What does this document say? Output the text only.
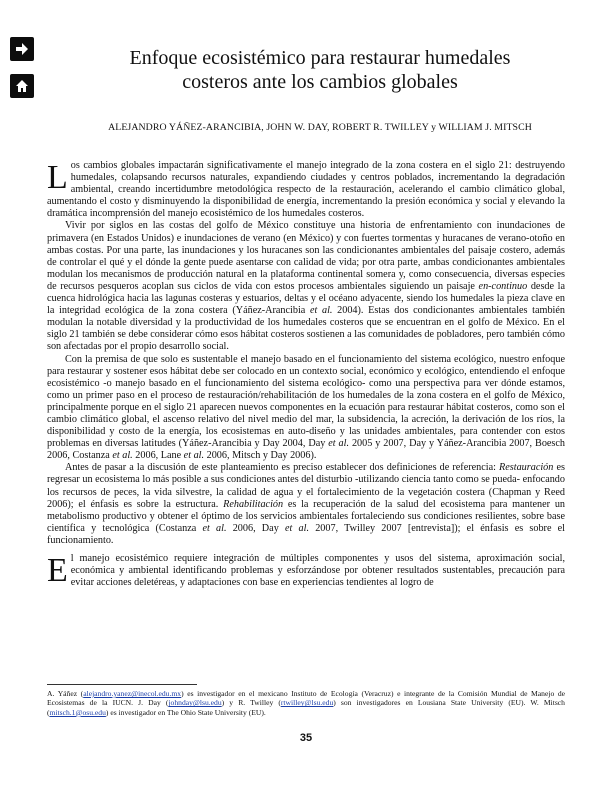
Enfoque ecosistémico para restaurar humedales
costeros ante los cambios globales

ALEJANDRO YÁÑEZ-ARANCIBIA, JOHN W. DAY, ROBERT R. TWILLEY y WILLIAM J. MITSCH

Los cambios globales impactarán significativamente el manejo integrado de la zona costera en el siglo 21: destruyendo humedales, colapsando recursos naturales, expandiendo ciudades y centros poblados, incrementando la degradación ambiental, creando incertidumbre metodológica respecto de la restauración, acelerando el cambio climático global, aumentando el costo y disminuyendo la disponibilidad de energía, incrementando la presión económica y social y elevando la dramática incomprensión del manejo ecosistémico de los humedales costeros.

Vivir por siglos en las costas del golfo de México constituye una historia de enfrentamiento con inundaciones de primavera (en Estados Unidos) e inundaciones de verano (en México) y con fuertes tormentas y huracanes de verano-otoño en ambas costas. Por una parte, las inundaciones y los huracanes son las condicionantes ambientales del paisaje costero, además de controlar el qué y el dónde la gente puede asentarse con calidad de vida; por otra parte, ambas condicionantes ambientales modulan los mecanismos de producción natural en la plataforma continental somera y, como consecuencia, diversas especies de recursos pesqueros acoplan sus ciclos de vida con estos procesos ambientales siguiendo un paisaje en-continuo desde la cuenca hidrológica hacia las lagunas costeras y estuarios, deltas y el océano adyacente, siendo los humedales la pieza clave en la integridad ecológica de la zona costera (Yáñez-Arancibia et al. 2004). Estas dos condicionantes ambientales también modulan la notable diversidad y la productividad de los humedales costeros que se encuentran en el golfo de México. En el siglo 21 también se debe considerar cómo esos hábitat costeros sostienen a las comunidades de pobladores, pero también cómo son afectadas por el propio desarrollo social.

Con la premisa de que solo es sustentable el manejo basado en el funcionamiento del sistema ecológico, nuestro enfoque para restaurar y sostener esos hábitat debe ser colocado en un contexto social, económico y ecológico, entendiendo el enfoque ecosistémico -o manejo basado en el funcionamiento del sistema ecológico- como una perspectiva para ver dónde estamos, como un primer paso en el proceso de restauración/rehabilitación de los humedales de la zona costera en el golfo de México, principalmente porque en el siglo 21 aparecen nuevos componentes en la ecuación para restaurar hábitat costeros, como son el cambio climático global, el ascenso relativo del nivel medio del mar, la subsidencia, la acreción, la derivación de los ríos, la disponibilidad y costo de la energía, los ecosistemas en auto-diseño y las unidades ambientales, para contender con estos problemas en diversas latitudes (Yáñez-Arancibia y Day 2004, Day et al. 2005 y 2007, Day y Yáñez-Arancibia 2007, Boesch 2006, Costanza et al. 2006, Lane et al. 2006, Mitsch y Day 2006).

Antes de pasar a la discusión de este planteamiento es preciso establecer dos definiciones de referencia: Restauración es regresar un ecosistema lo más posible a sus condiciones antes del disturbio -utilizando ciencia tanto como se pueda- enfocando los recursos de peces, la vida silvestre, la calidad de agua y el fortalecimiento de la vegetación costera (Chapman y Reed 2006); el énfasis es sobre la estructura. Rehabilitación es la recuperación de la salud del ecosistema para mantener un metabolismo productivo y obtener el óptimo de los servicios ambientales fortaleciendo sus condiciones resilientes, sobre base científica y tecnológica (Costanza et al. 2006, Day et al. 2007, Twilley 2007 [entrevista]); el énfasis es sobre el funcionamiento.

El manejo ecosistémico requiere integración de múltiples componentes y usos del sistema, aproximación social, económica y ambiental identificando problemas y esforzándose por obtener resultados sustentables, precaución para evitar acciones deletéreas, y adaptaciones con base en experiencias tendientes al logro de

A. Yáñez (alejandro.yanez@inecol.edu.mx) es investigador en el mexicano Instituto de Ecología (Veracruz) e integrante de la Comisión Mundial de Manejo de Ecosistemas de la IUCN. J. Day (johnday@lsu.edu) y R. Twilley (rtwilley@lsu.edu) son investigadores en Lousiana State University (EU). W. Mitsch (mitsch.1@osu.edu) es investigador en The Ohio State University (EU).

35
